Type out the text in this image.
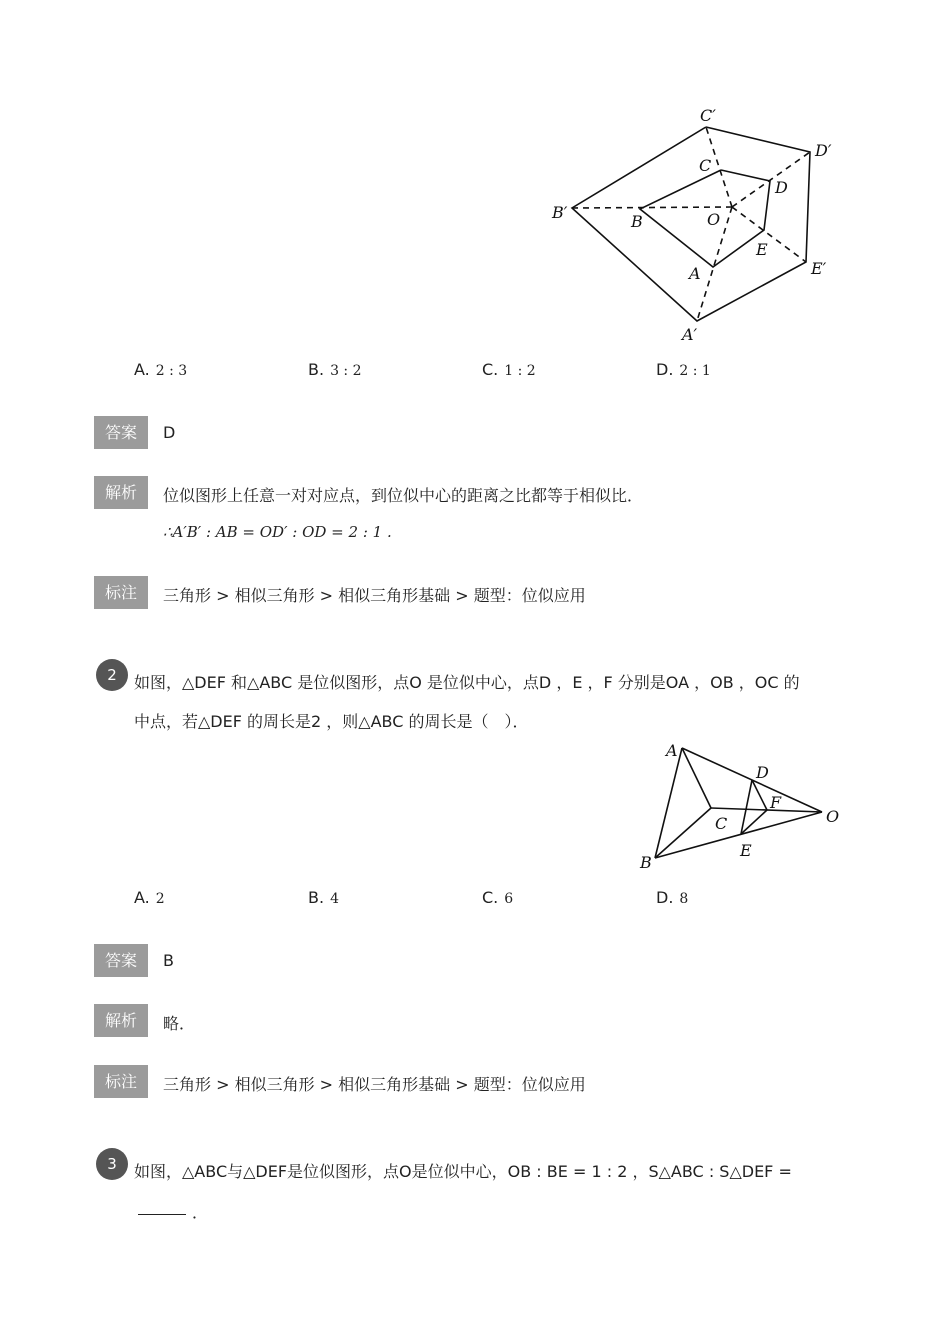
C′
D′
E′
A′
B′
C
D
E
A
B	O
A. 2 : 3	B. 3 : 2	C. 1 : 2	D. 2 : 1
答案	D
解析	位似图形上任意一对对应点，到位似中心的距离之比都等于相似比．
∴A′B′ : AB = OD′ : OD = 2 : 1 .
标注	三角形 > 相似三角形 > 相似三角形基础 > 题型：位似应用
2	如图，△DEF 和△ABC 是位似图形，点O 是位似中心，点D ，E ，F 分别是OA ，OB ，OC 的
中点，若△DEF 的周长是2 ，则△ABC 的周长是（　）．
A
B
C
D
E
F
O
A. 2	B. 4	C. 6	D. 8
答案	B
解析	略．
标注	三角形 > 相似三角形 > 相似三角形基础 > 题型：位似应用
3	如图，△ABC与△DEF是位似图形，点O是位似中心，OB : BE = 1 : 2 ，S△ABC : S△DEF =
．
